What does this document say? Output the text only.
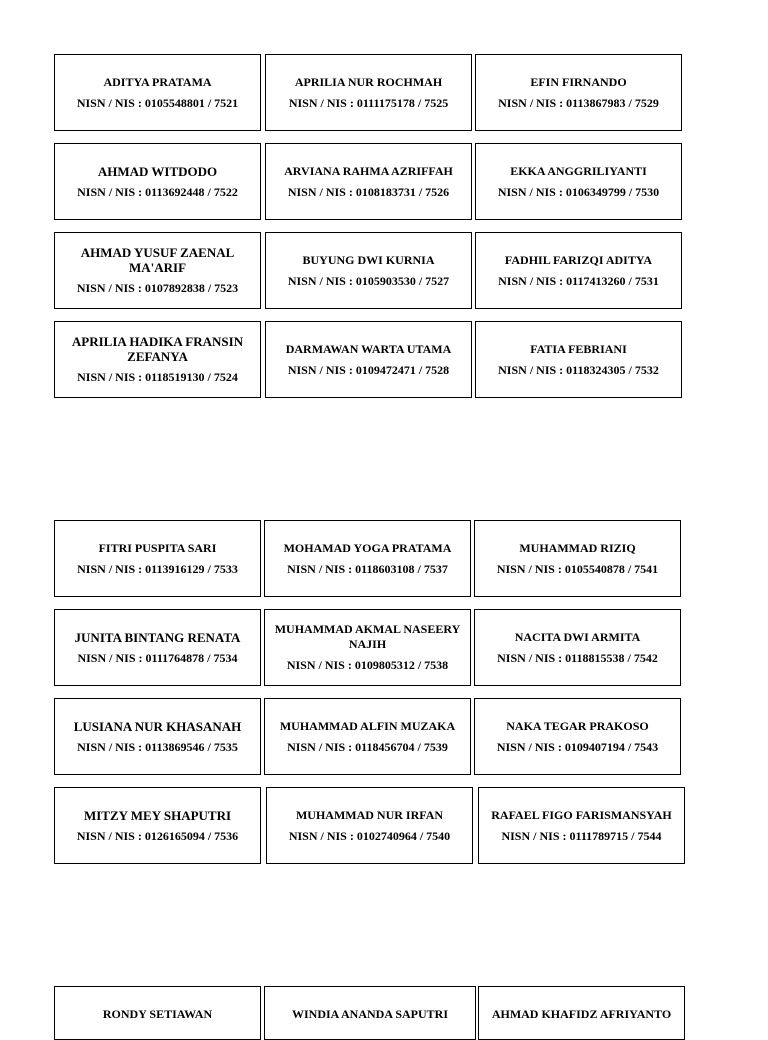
ADITYA PRATAMA
NISN / NIS : 0105548801 / 7521
AHMAD WITDODO
NISN / NIS : 0113692448 / 7522
AHMAD YUSUF ZAENAL MA'ARIF
NISN / NIS : 0107892838 / 7523
APRILIA HADIKA FRANSIN ZEFANYA
NISN / NIS : 0118519130 / 7524
APRILIA NUR ROCHMAH
NISN / NIS : 0111175178 / 7525
ARVIANA RAHMA AZRIFFAH
NISN / NIS : 0108183731 / 7526
BUYUNG DWI KURNIA
NISN / NIS : 0105903530 / 7527
DARMAWAN WARTA UTAMA
NISN / NIS : 0109472471 / 7528
EFIN FIRNANDO
NISN / NIS : 0113867983 / 7529
EKKA ANGGRILIYANTI
NISN / NIS : 0106349799 / 7530
FADHIL FARIZQI ADITYA
NISN / NIS : 0117413260 / 7531
FATIA FEBRIANI
NISN / NIS : 0118324305 / 7532
FITRI PUSPITA SARI
NISN / NIS : 0113916129 / 7533
JUNITA BINTANG RENATA
NISN / NIS : 0111764878 / 7534
LUSIANA NUR KHASANAH
NISN / NIS : 0113869546 / 7535
MITZY MEY SHAPUTRI
NISN / NIS : 0126165094 / 7536
MOHAMAD YOGA PRATAMA
NISN / NIS : 0118603108 / 7537
MUHAMMAD AKMAL NASEERY NAJIH
NISN / NIS : 0109805312 / 7538
MUHAMMAD ALFIN MUZAKA
NISN / NIS : 0118456704 / 7539
MUHAMMAD NUR IRFAN
NISN / NIS : 0102740964 / 7540
MUHAMMAD RIZIQ
NISN / NIS : 0105540878 / 7541
NACITA DWI ARMITA
NISN / NIS : 0118815538 / 7542
NAKA TEGAR PRAKOSO
NISN / NIS : 0109407194 / 7543
RAFAEL FIGO FARISMANSYAH
NISN / NIS : 0111789715 / 7544
RONDY SETIAWAN	WINDIA ANANDA SAPUTRI	AHMAD KHAFIDZ AFRIYANTO
